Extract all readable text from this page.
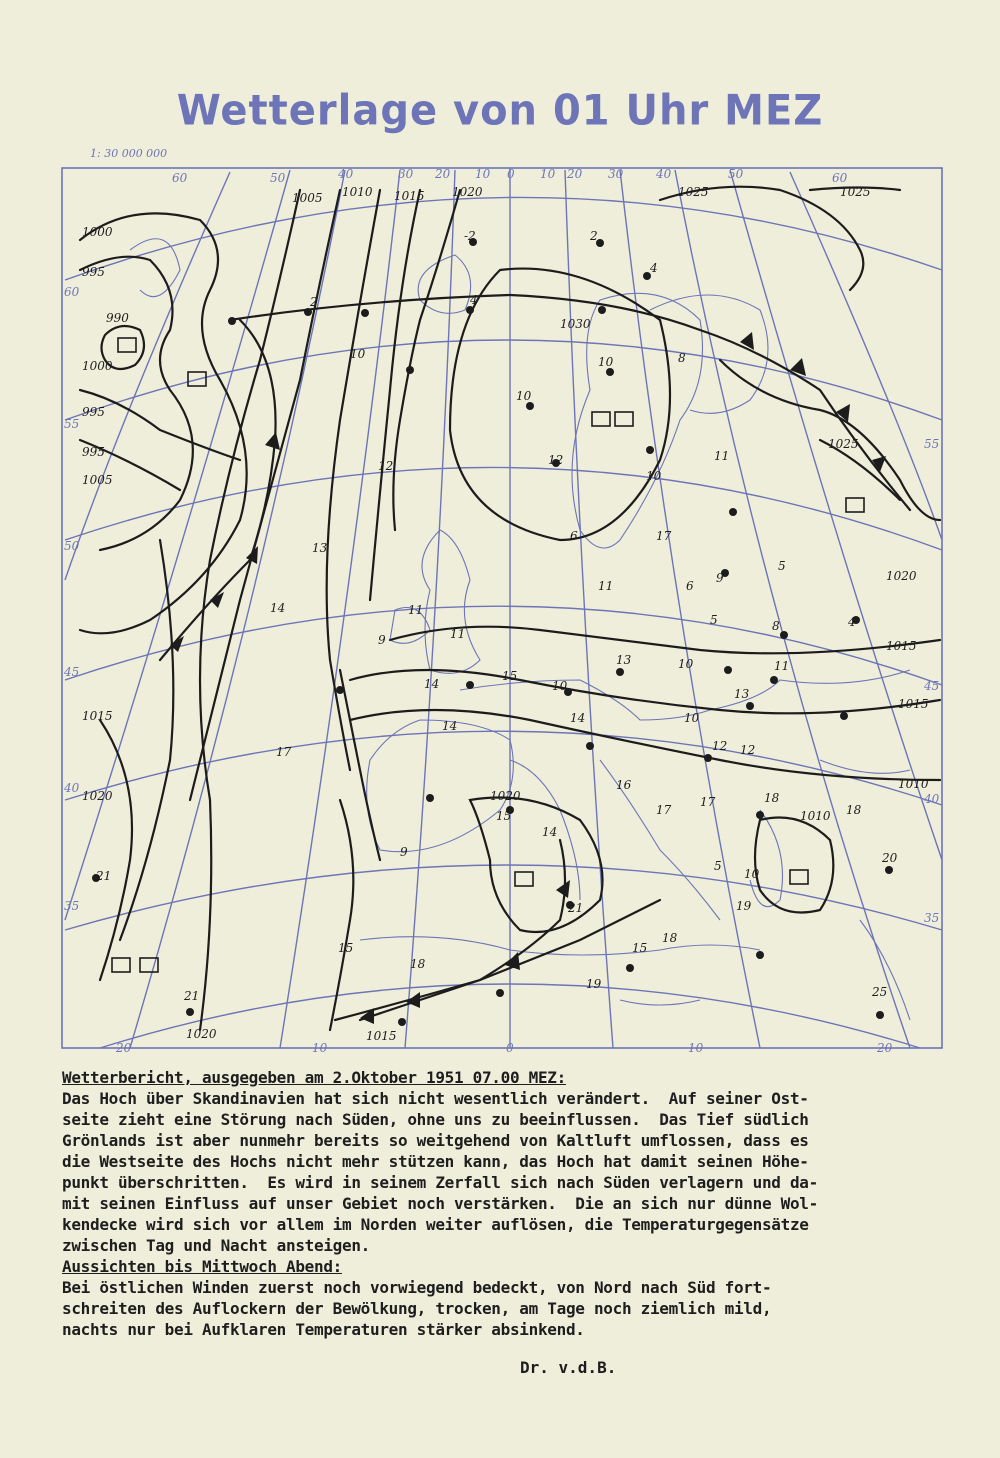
Wetterlage von 01 Uhr MEZ
1: 30 000 000
60	50	40	30 20 10 0 10 20 30	40	50	60
20	10	0	10	20
60
55
50
45
40
35
55
45
40
35
1000
995
990
1005 1010 1015 1020	1025
1030
1000
995
995
1005
1025
1025
1020
1015
1015
1010
1010
1015
1020	1020
1020	1015
-2
2	4
2
4
10
10
10	8
12	12
13
14
9
11
11
13
14
15
10
14
14
17
16
9
15
14
18
17
17
18
20
21
21	19
15
18
18
25
21
15
19
5
6
5	8	4
11
10	11
10
12
13
11
10
6	17
9
5
10
12
Wetterbericht, ausgegeben am 2.Oktober 1951 07.00 MEZ:
Das Hoch über Skandinavien hat sich nicht wesentlich verändert.  Auf seiner Ost-
seite zieht eine Störung nach Süden, ohne uns zu beeinflussen.  Das Tief südlich
Grönlands ist aber nunmehr bereits so weitgehend von Kaltluft umflossen, dass es
die Westseite des Hochs nicht mehr stützen kann, das Hoch hat damit seinen Höhe-
punkt überschritten.  Es wird in seinem Zerfall sich nach Süden verlagern und da-
mit seinen Einfluss auf unser Gebiet noch verstärken.  Die an sich nur dünne Wol-
kendecke wird sich vor allem im Norden weiter auflösen, die Temperaturgegensätze
zwischen Tag und Nacht ansteigen.
Aussichten bis Mittwoch Abend:
Bei östlichen Winden zuerst noch vorwiegend bedeckt, von Nord nach Süd fort-
schreiten des Auflockern der Bewölkung, trocken, am Tage noch ziemlich mild,
nachts nur bei Aufklaren Temperaturen stärker absinkend.
Dr. v.d.B.
